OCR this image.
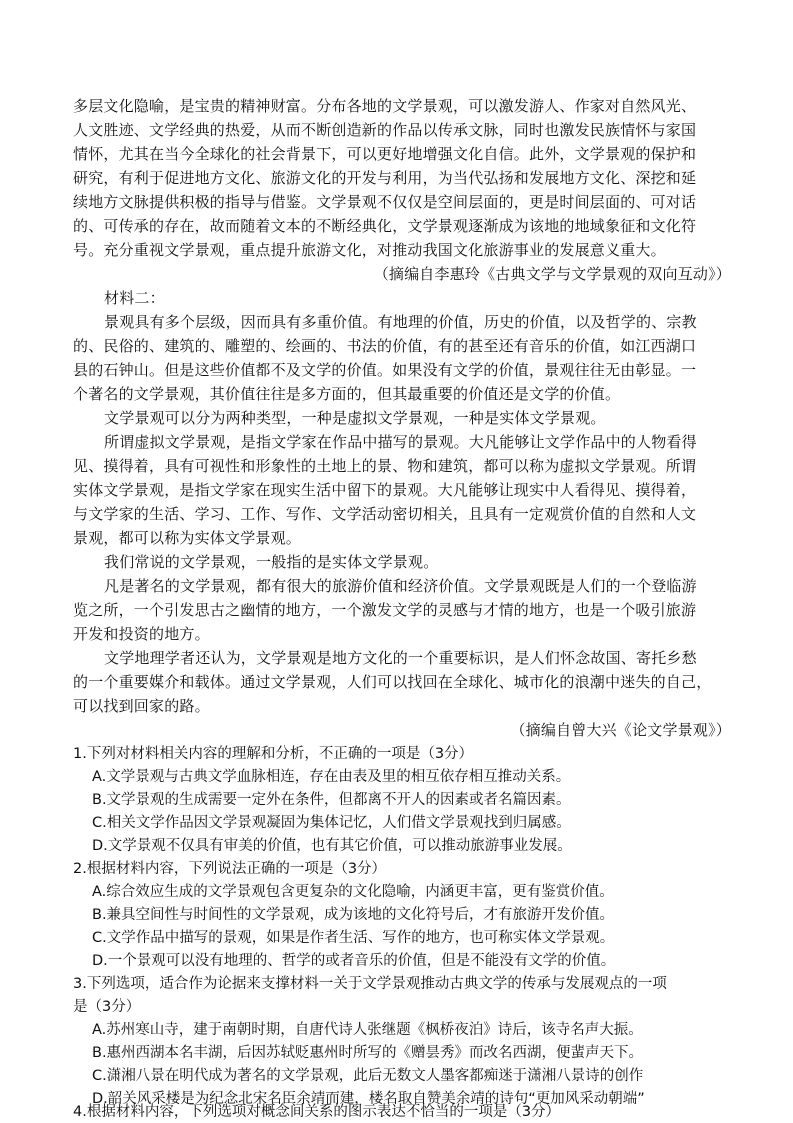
多层文化隐喻，是宝贵的精神财富。分布各地的文学景观，可以激发游人、作家对自然风光、
人文胜迹、文学经典的热爱，从而不断创造新的作品以传承文脉，同时也激发民族情怀与家国
情怀，尤其在当今全球化的社会背景下，可以更好地增强文化自信。此外，文学景观的保护和
研究，有利于促进地方文化、旅游文化的开发与利用，为当代弘扬和发展地方文化、深挖和延
续地方文脉提供积极的指导与借鉴。文学景观不仅仅是空间层面的，更是时间层面的、可对话
的、可传承的存在，故而随着文本的不断经典化，文学景观逐渐成为该地的地域象征和文化符
号。充分重视文学景观，重点提升旅游文化，对推动我国文化旅游事业的发展意义重大。
（摘编自李惠玲《古典文学与文学景观的双向互动》）
材料二：
景观具有多个层级，因而具有多重价值。有地理的价值，历史的价值，以及哲学的、宗教
的、民俗的、建筑的、雕塑的、绘画的、书法的价值，有的甚至还有音乐的价值，如江西湖口
县的石钟山。但是这些价值都不及文学的价值。如果没有文学的价值，景观往往无由彰显。一
个著名的文学景观，其价值往往是多方面的，但其最重要的价值还是文学的价值。
文学景观可以分为两种类型，一种是虚拟文学景观，一种是实体文学景观。
所谓虚拟文学景观，是指文学家在作品中描写的景观。大凡能够让文学作品中的人物看得
见、摸得着，具有可视性和形象性的土地上的景、物和建筑，都可以称为虚拟文学景观。所谓
实体文学景观，是指文学家在现实生活中留下的景观。大凡能够让现实中人看得见、摸得着，
与文学家的生活、学习、工作、写作、文学活动密切相关，且具有一定观赏价值的自然和人文
景观，都可以称为实体文学景观。
我们常说的文学景观，一般指的是实体文学景观。
凡是著名的文学景观，都有很大的旅游价值和经济价值。文学景观既是人们的一个登临游
览之所，一个引发思古之幽情的地方，一个激发文学的灵感与才情的地方，也是一个吸引旅游
开发和投资的地方。
文学地理学者还认为，文学景观是地方文化的一个重要标识，是人们怀念故国、寄托乡愁
的一个重要媒介和载体。通过文学景观，人们可以找回在全球化、城市化的浪潮中迷失的自己，
可以找到回家的路。
（摘编自曾大兴《论文学景观》）
1.下列对材料相关内容的理解和分析，不正确的一项是（3分）
A.文学景观与古典文学血脉相连，存在由表及里的相互依存相互推动关系。
B.文学景观的生成需要一定外在条件，但都离不开人的因素或者名篇因素。
C.相关文学作品因文学景观凝固为集体记忆，人们借文学景观找到归属感。
D.文学景观不仅具有审美的价值，也有其它价值，可以推动旅游事业发展。
2.根据材料内容，下列说法正确的一项是（3分）
A.综合效应生成的文学景观包含更复杂的文化隐喻，内涵更丰富，更有鉴赏价值。
B.兼具空间性与时间性的文学景观，成为该地的文化符号后，才有旅游开发价值。
C.文学作品中描写的景观，如果是作者生活、写作的地方，也可称实体文学景观。
D.一个景观可以没有地理的、哲学的或者音乐的价值，但是不能没有文学的价值。
3.下列选项，适合作为论据来支撑材料一关于文学景观推动古典文学的传承与发展观点的一项
是（3分）
A.苏州寒山寺，建于南朝时期，自唐代诗人张继题《枫桥夜泊》诗后，该寺名声大振。
B.惠州西湖本名丰湖，后因苏轼贬惠州时所写的《赠昙秀》而改名西湖，便蜚声天下。
C.潇湘八景在明代成为著名的文学景观，此后无数文人墨客都痴迷于潇湘八景诗的创作
D.韶关风采楼是为纪念北宋名臣余靖而建，楼名取自赞美余靖的诗句“更加风采动朝端”
4.根据材料内容，下列选项对概念间关系的图示表达不恰当的一项是（3分）
